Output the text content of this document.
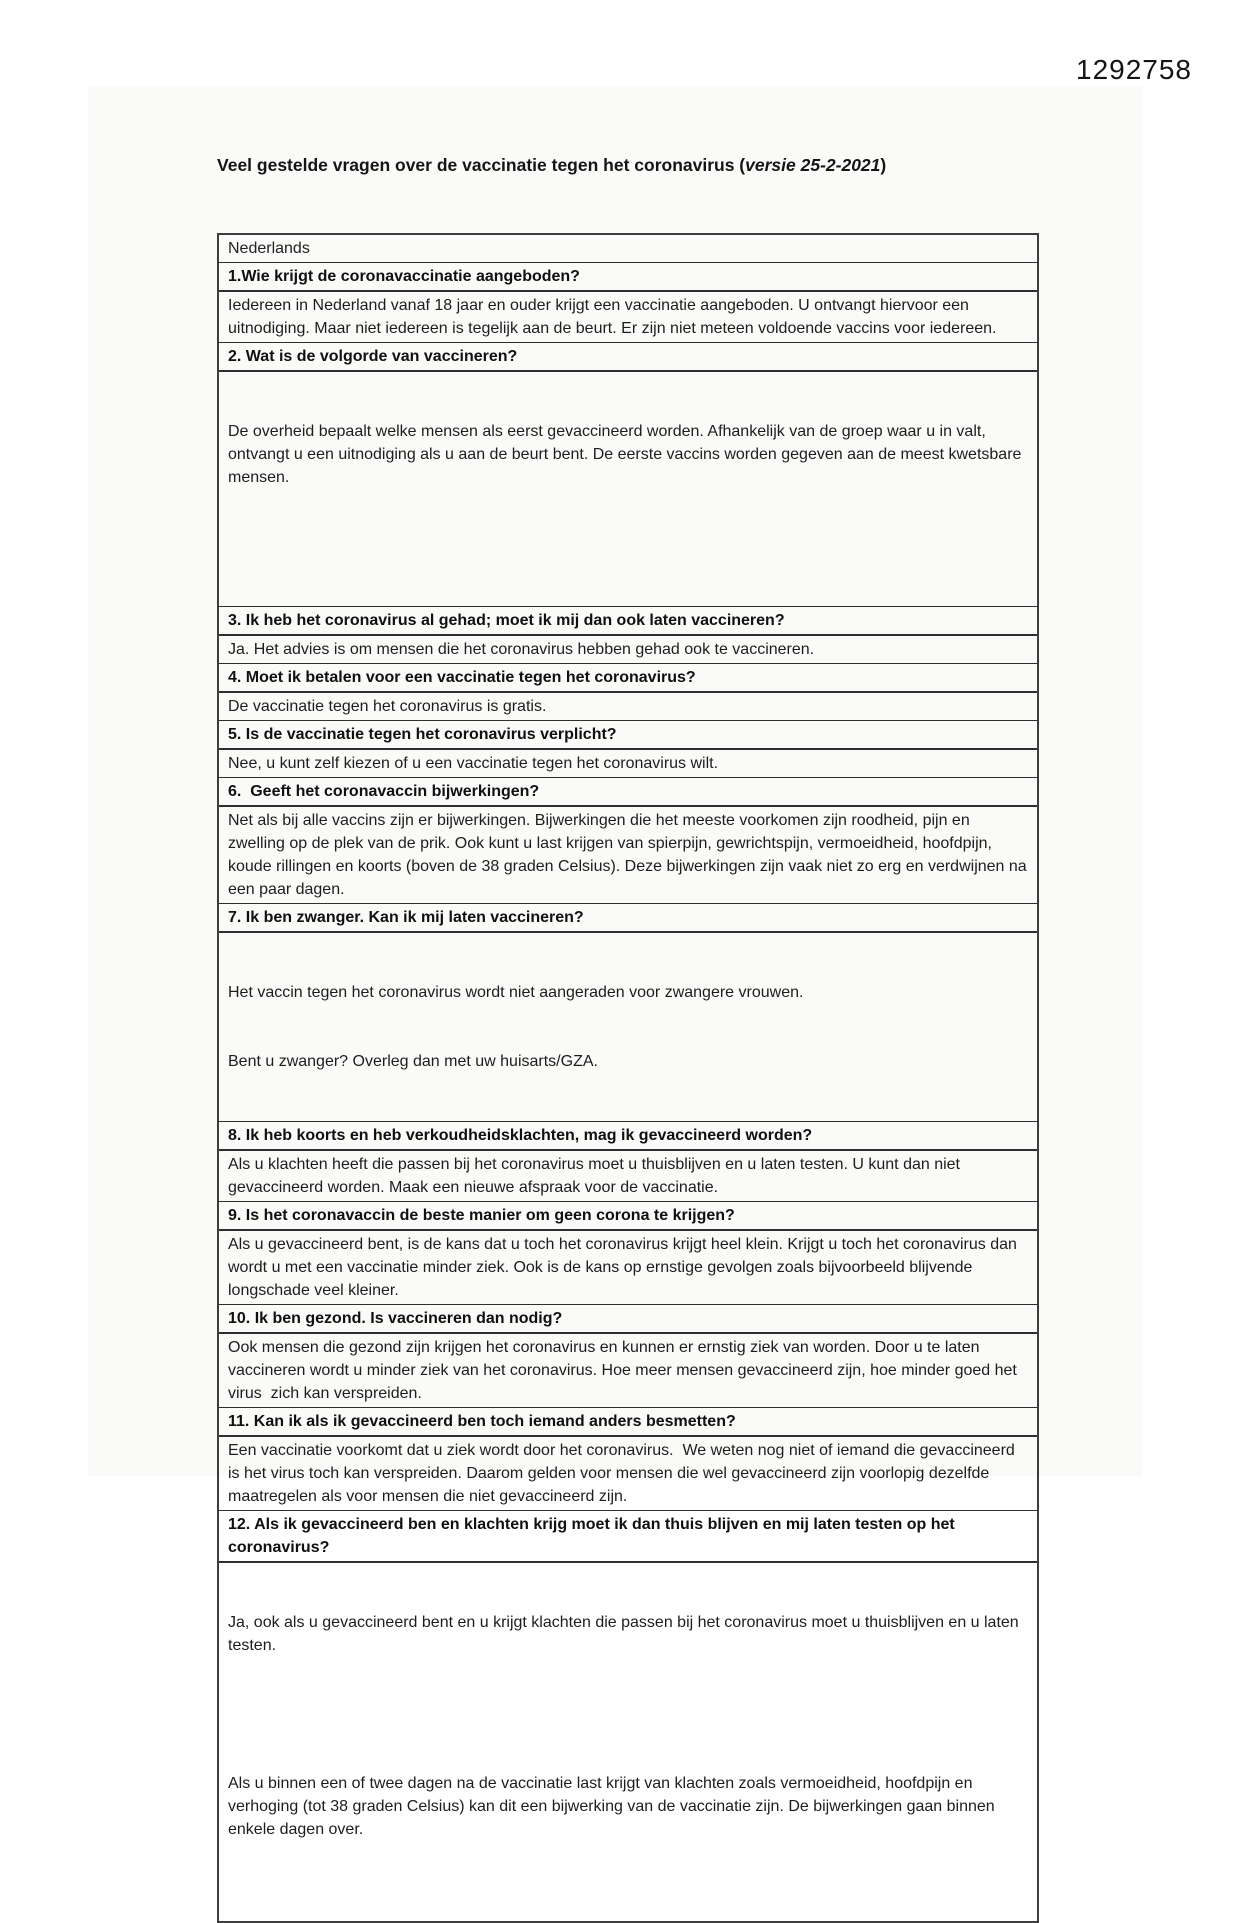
1292758
Veel gestelde vragen over de vaccinatie tegen het coronavirus (versie 25-2-2021)
Nederlands
1.Wie krijgt de coronavaccinatie aangeboden?
Iedereen in Nederland vanaf 18 jaar en ouder krijgt een vaccinatie aangeboden. U ontvangt hiervoor een uitnodiging. Maar niet iedereen is tegelijk aan de beurt. Er zijn niet meteen voldoende vaccins voor iedereen.
2. Wat is de volgorde van vaccineren?

De overheid bepaalt welke mensen als eerst gevaccineerd worden. Afhankelijk van de groep waar u in valt, ontvangt u een uitnodiging als u aan de beurt bent. De eerste vaccins worden gegeven aan de meest kwetsbare mensen.

3. Ik heb het coronavirus al gehad; moet ik mij dan ook laten vaccineren?
Ja. Het advies is om mensen die het coronavirus hebben gehad ook te vaccineren.
4. Moet ik betalen voor een vaccinatie tegen het coronavirus?
De vaccinatie tegen het coronavirus is gratis.
5. Is de vaccinatie tegen het coronavirus verplicht?
Nee, u kunt zelf kiezen of u een vaccinatie tegen het coronavirus wilt.
6.  Geeft het coronavaccin bijwerkingen?
Net als bij alle vaccins zijn er bijwerkingen. Bijwerkingen die het meeste voorkomen zijn roodheid, pijn en zwelling op de plek van de prik. Ook kunt u last krijgen van spierpijn, gewrichtspijn, vermoeidheid, hoofdpijn, koude rillingen en koorts (boven de 38 graden Celsius). Deze bijwerkingen zijn vaak niet zo erg en verdwijnen na een paar dagen.
7. Ik ben zwanger. Kan ik mij laten vaccineren?

Het vaccin tegen het coronavirus wordt niet aangeraden voor zwangere vrouwen.

Bent u zwanger? Overleg dan met uw huisarts/GZA.

8. Ik heb koorts en heb verkoudheidsklachten, mag ik gevaccineerd worden?
Als u klachten heeft die passen bij het coronavirus moet u thuisblijven en u laten testen. U kunt dan niet gevaccineerd worden. Maak een nieuwe afspraak voor de vaccinatie.
9. Is het coronavaccin de beste manier om geen corona te krijgen?
Als u gevaccineerd bent, is de kans dat u toch het coronavirus krijgt heel klein. Krijgt u toch het coronavirus dan wordt u met een vaccinatie minder ziek. Ook is de kans op ernstige gevolgen zoals bijvoorbeeld blijvende longschade veel kleiner.
10. Ik ben gezond. Is vaccineren dan nodig?
Ook mensen die gezond zijn krijgen het coronavirus en kunnen er ernstig ziek van worden. Door u te laten vaccineren wordt u minder ziek van het coronavirus. Hoe meer mensen gevaccineerd zijn, hoe minder goed het virus  zich kan verspreiden.
11. Kan ik als ik gevaccineerd ben toch iemand anders besmetten?
Een vaccinatie voorkomt dat u ziek wordt door het coronavirus.  We weten nog niet of iemand die gevaccineerd is het virus toch kan verspreiden. Daarom gelden voor mensen die wel gevaccineerd zijn voorlopig dezelfde maatregelen als voor mensen die niet gevaccineerd zijn.
12. Als ik gevaccineerd ben en klachten krijg moet ik dan thuis blijven en mij laten testen op het coronavirus?

Ja, ook als u gevaccineerd bent en u krijgt klachten die passen bij het coronavirus moet u thuisblijven en u laten testen.

Als u binnen een of twee dagen na de vaccinatie last krijgt van klachten zoals vermoeidheid, hoofdpijn en verhoging (tot 38 graden Celsius) kan dit een bijwerking van de vaccinatie zijn. De bijwerkingen gaan binnen enkele dagen over.
